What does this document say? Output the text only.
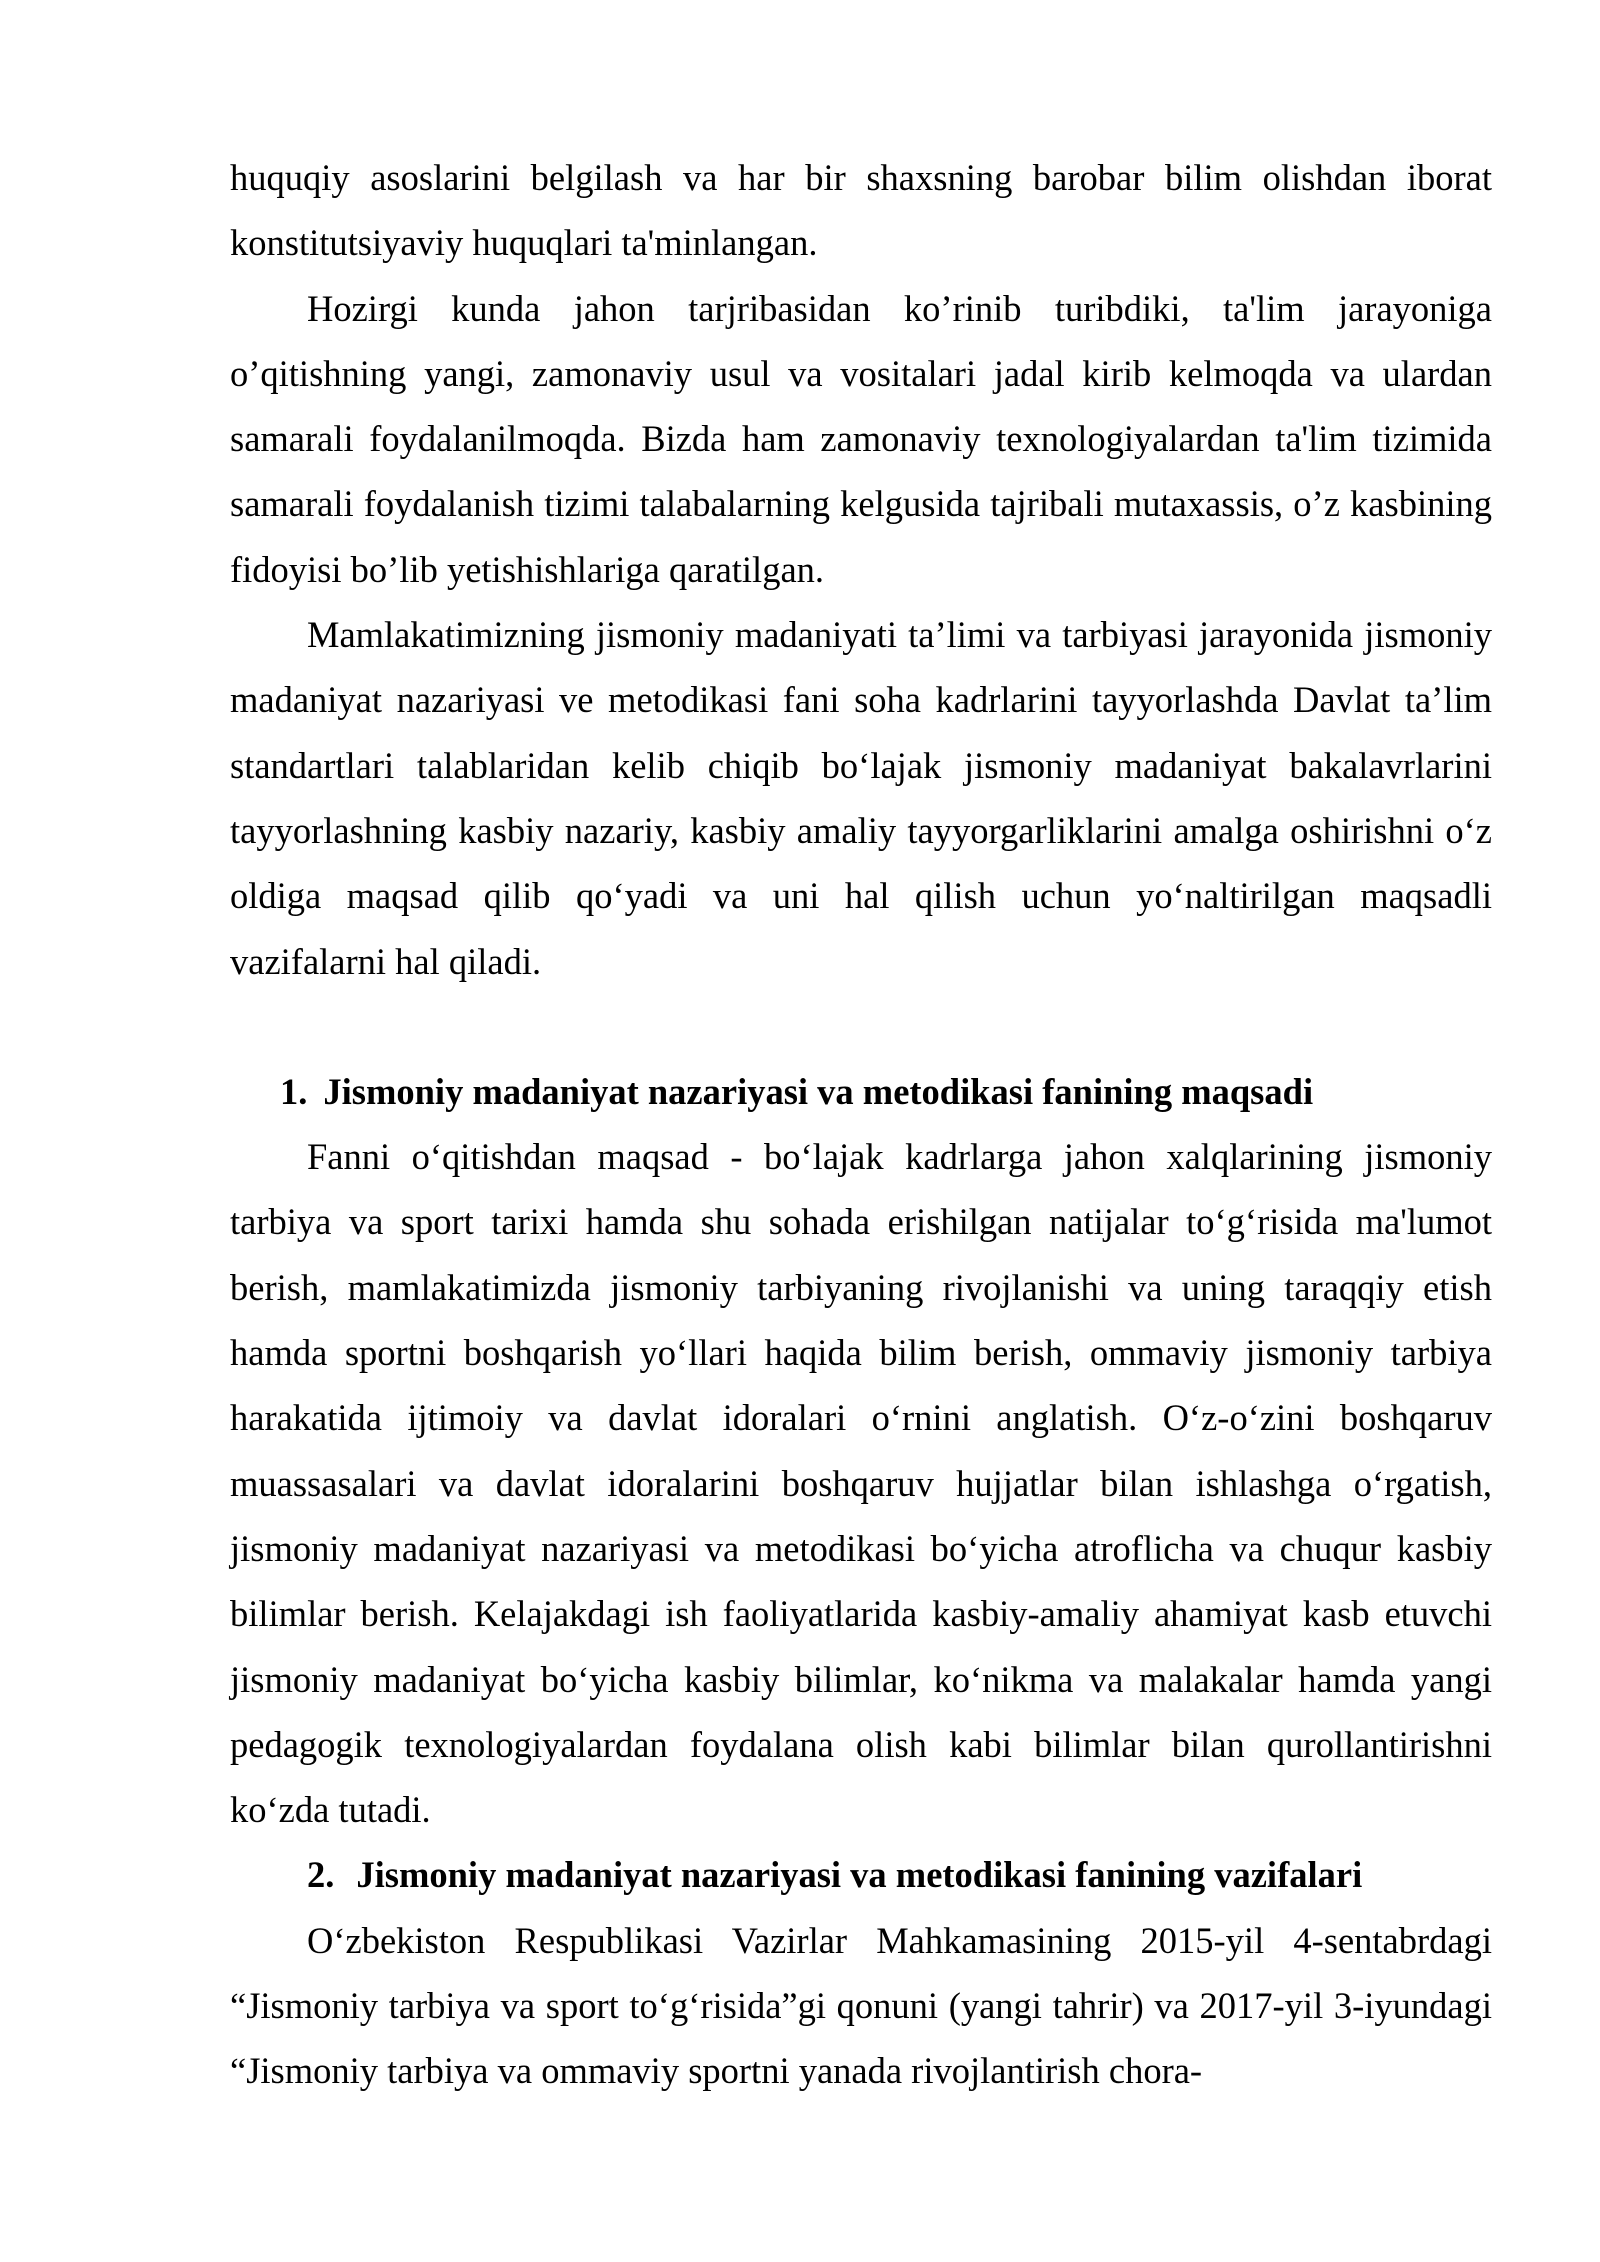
huquqiy asoslarini belgilash va har bir shaxsning barobar bilim olishdan iborat konstitutsiyaviy huquqlari ta'minlangan.

Hozirgi kunda jahon tarjribasidan ko’rinib turibdiki, ta'lim jarayoniga o’qitishning yangi, zamonaviy usul va vositalari jadal kirib kelmoqda va ulardan samarali foydalanilmoqda. Bizda ham zamonaviy texnologiyalardan ta'lim tizimida samarali foydalanish tizimi talabalarning kelgusida tajribali mutaxassis, o’z kasbining fidoyisi bo’lib yetishishlariga qaratilgan.

Mamlakatimizning jismoniy madaniyati ta’limi va tarbiyasi jarayonida jismoniy madaniyat nazariyasi ve metodikasi fani soha kadrlarini tayyorlashda Davlat ta’lim standartlari talablaridan kelib chiqib bo‘lajak jismoniy madaniyat bakalavrlarini tayyorlashning kasbiy nazariy, kasbiy amaliy tayyorgarliklarini amalga oshirishni o‘z oldiga maqsad qilib qo‘yadi va uni hal qilish uchun yo‘naltirilgan maqsadli vazifalarni hal qiladi.

1. Jismoniy madaniyat nazariyasi va metodikasi fanining maqsadi

Fanni o‘qitishdan maqsad - bo‘lajak kadrlarga jahon xalqlarining jismoniy tarbiya va sport tarixi hamda shu sohada erishilgan natijalar to‘g‘risida ma'lumot berish, mamlakatimizda jismoniy tarbiyaning rivojlanishi va uning taraqqiy etish hamda sportni boshqarish yo‘llari haqida bilim berish, ommaviy jismoniy tarbiya harakatida ijtimoiy va davlat idoralari o‘rnini anglatish. O‘z-o‘zini boshqaruv muassasalari va davlat idoralarini boshqaruv hujjatlar bilan ishlashga o‘rgatish, jismoniy madaniyat nazariyasi va metodikasi bo‘yicha atroflicha va chuqur kasbiy bilimlar berish. Kelajakdagi ish faoliyatlarida kasbiy-amaliy ahamiyat kasb etuvchi jismoniy madaniyat bo‘yicha kasbiy bilimlar, ko‘nikma va malakalar hamda yangi pedagogik texnologiyalardan foydalana olish kabi bilimlar bilan qurollantirishni ko‘zda tutadi.

2. Jismoniy madaniyat nazariyasi va metodikasi fanining vazifalari

O‘zbekiston Respublikasi Vazirlar Mahkamasining 2015-yil 4-sentabrdagi “Jismoniy tarbiya va sport to‘g‘risida”gi qonuni (yangi tahrir) va 2017-yil 3-iyundagi “Jismoniy tarbiya va ommaviy sportni yanada rivojlantirish chora-
